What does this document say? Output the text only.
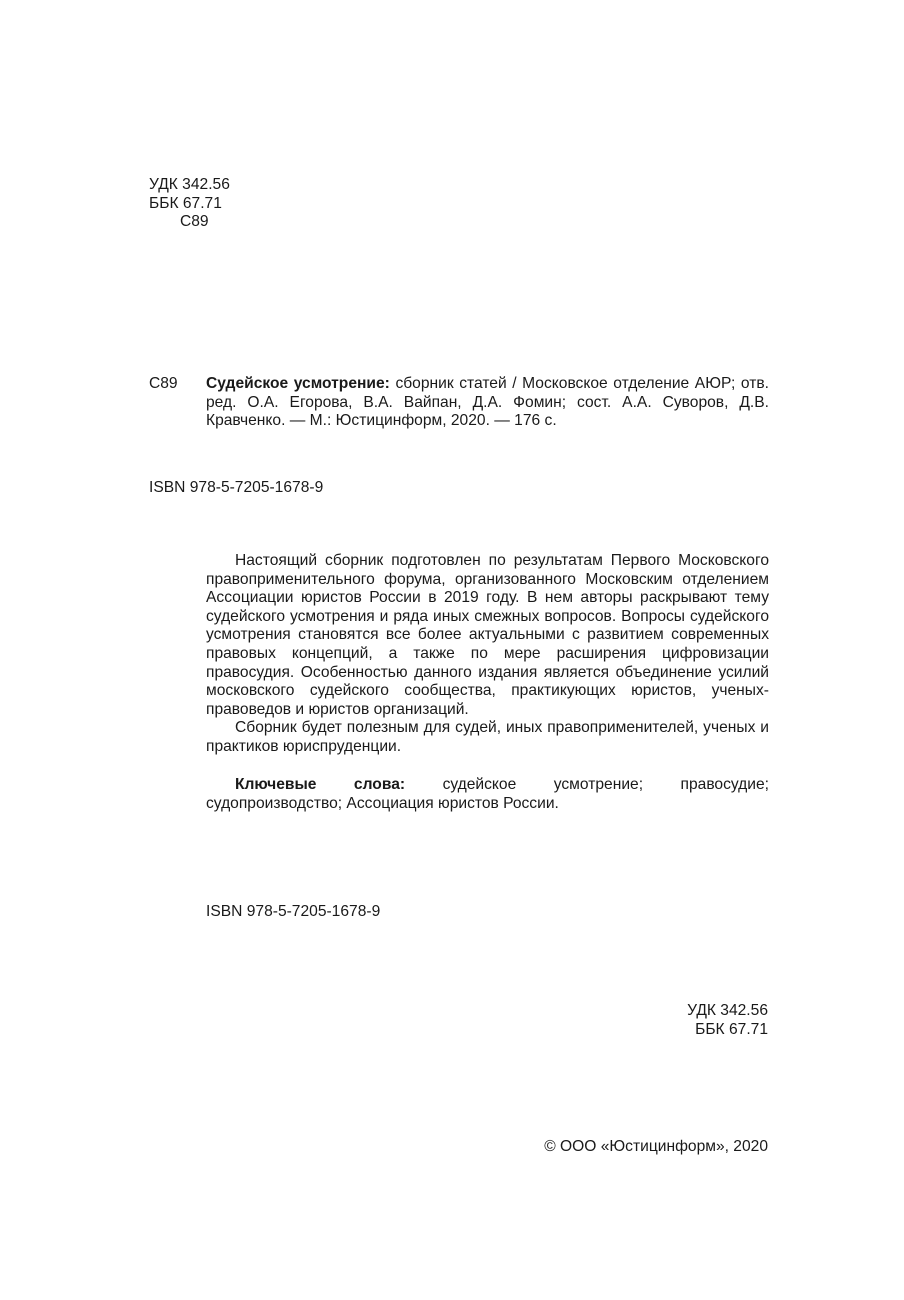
УДК 342.56
ББК 67.71
С89
С89 Судейское усмотрение: сборник статей / Московское отделение АЮР; отв. ред. О.А. Егорова, В.А. Вайпан, Д.А. Фомин; сост. А.А. Суворов, Д.В. Кравченко. — М.: Юстицинформ, 2020. — 176 с.
ISBN 978-5-7205-1678-9

Настоящий сборник подготовлен по результатам Первого Московского правоприменительного форума, организованного Московским отделением Ассоциации юристов России в 2019 году. В нем авторы раскрывают тему судейского усмотрения и ряда иных смежных вопросов. Вопросы судейского усмотрения становятся все более актуальными с развитием современных правовых концепций, а также по мере расширения цифровизации правосудия. Особенностью данного издания является объединение усилий московского судейского сообщества, практикующих юристов, ученых-правоведов и юристов организаций.

Сборник будет полезным для судей, иных правоприменителей, ученых и практиков юриспруденции.

Ключевые слова: судейское усмотрение; правосудие; судопроизводство; Ассоциация юристов России.
ISBN 978-5-7205-1678-9
УДК 342.56
ББК 67.71
© ООО «Юстицинформ», 2020
